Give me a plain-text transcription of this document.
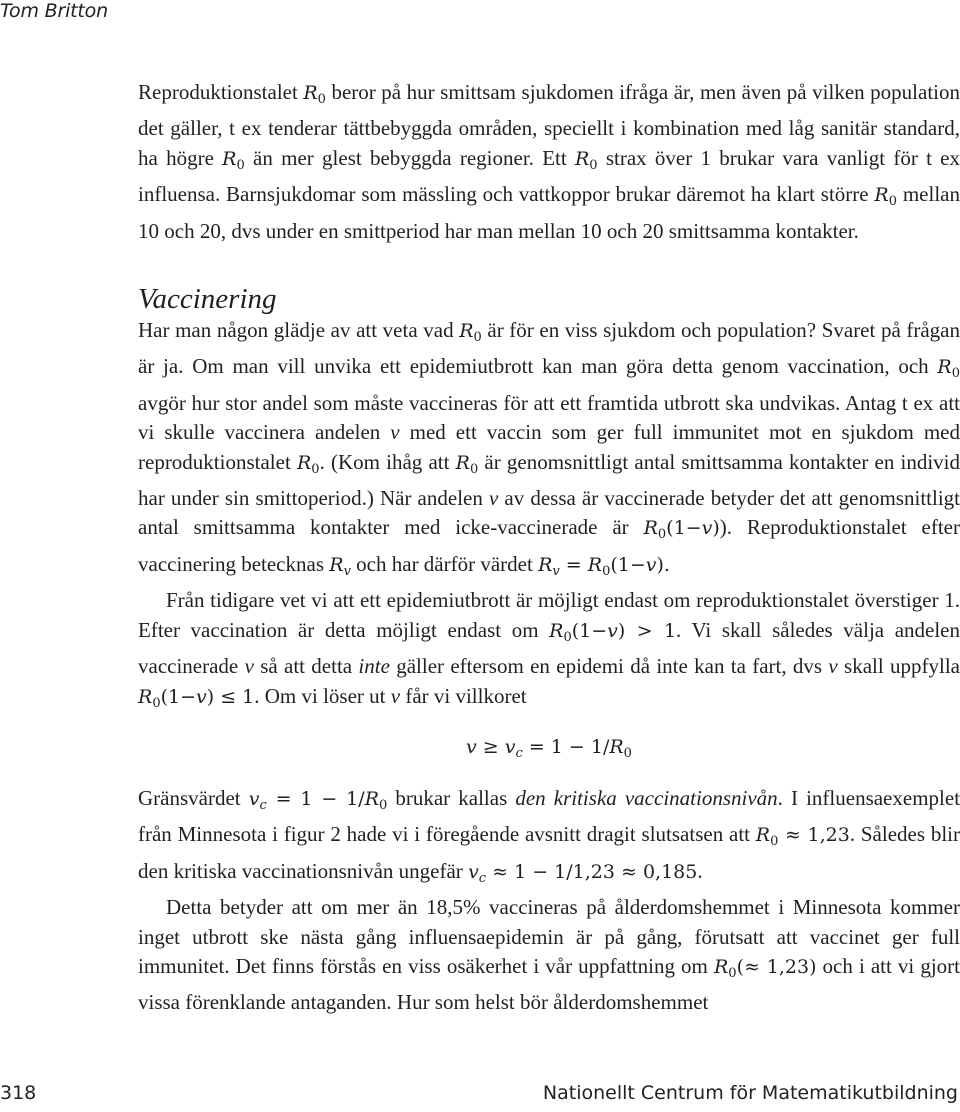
Tom Britton

Reproduktionstalet $R_0$ beror på hur smittsam sjukdomen ifråga är, men även på vilken population det gäller, t ex tenderar tättbebyggda områden, speciellt i kombination med låg sanitär standard, ha högre $R_0$ än mer glest bebyggda regioner. Ett $R_0$ strax över 1 brukar vara vanligt för t ex influensa. Barnsjukdomar som mässling och vattkoppor brukar däremot ha klart större $R_0$ mellan 10 och 20, dvs under en smittperiod har man mellan 10 och 20 smittsamma kontakter.

Vaccinering

Har man någon glädje av att veta vad $R_0$ är för en viss sjukdom och population? Svaret på frågan är ja. Om man vill unvika ett epidemiutbrott kan man göra detta genom vaccination, och $R_0$ avgör hur stor andel som måste vaccineras för att ett framtida utbrott ska undvikas. Antag t ex att vi skulle vaccinera andelen ν med ett vaccin som ger full immunitet mot en sjukdom med reproduktionstalet $R_0$. (Kom ihåg att $R_0$ är genomsnittligt antal smittsamma kontakter en individ har under sin smittoperiod.) När andelen ν av dessa är vaccinerade betyder det att genomsnittligt antal smittsamma kontakter med icke-vaccinerade är $R_0(1-v)$). Reproduktionstalet efter vaccinering betecknas $R_v$ och har därför värdet $R_v = R_0(1-v)$.

Från tidigare vet vi att ett epidemiutbrott är möjligt endast om reproduktionstalet överstiger 1. Efter vaccination är detta möjligt endast om $R_0(1-v) > 1$. Vi skall således välja andelen vaccinerade ν så att detta inte gäller eftersom en epidemi då inte kan ta fart, dvs ν skall uppfylla $R_0(1-v) \le 1$. Om vi löser ut ν får vi villkoret

$v \ge v_c = 1 - 1/R_0$

Gränsvärdet $v_c = 1 - 1/R_0$ brukar kallas den kritiska vaccinationsnivån. I influensaexemplet från Minnesota i figur 2 hade vi i föregående avsnitt dragit slutsatsen att $R_0 \approx 1,23$. Således blir den kritiska vaccinationsnivån ungefär $v_c \approx 1 - 1/1,23 \approx 0,185$.

Detta betyder att om mer än 18,5% vaccineras på ålderdomshemmet i Minnesota kommer inget utbrott ske nästa gång influensaepidemin är på gång, förutsatt att vaccinet ger full immunitet. Det finns förstås en viss osäkerhet i vår uppfattning om $R_0(\approx 1,23)$ och i att vi gjort vissa förenklande antaganden. Hur som helst bör ålderdomshemmet

318	Nationellt Centrum för Matematikutbildning
